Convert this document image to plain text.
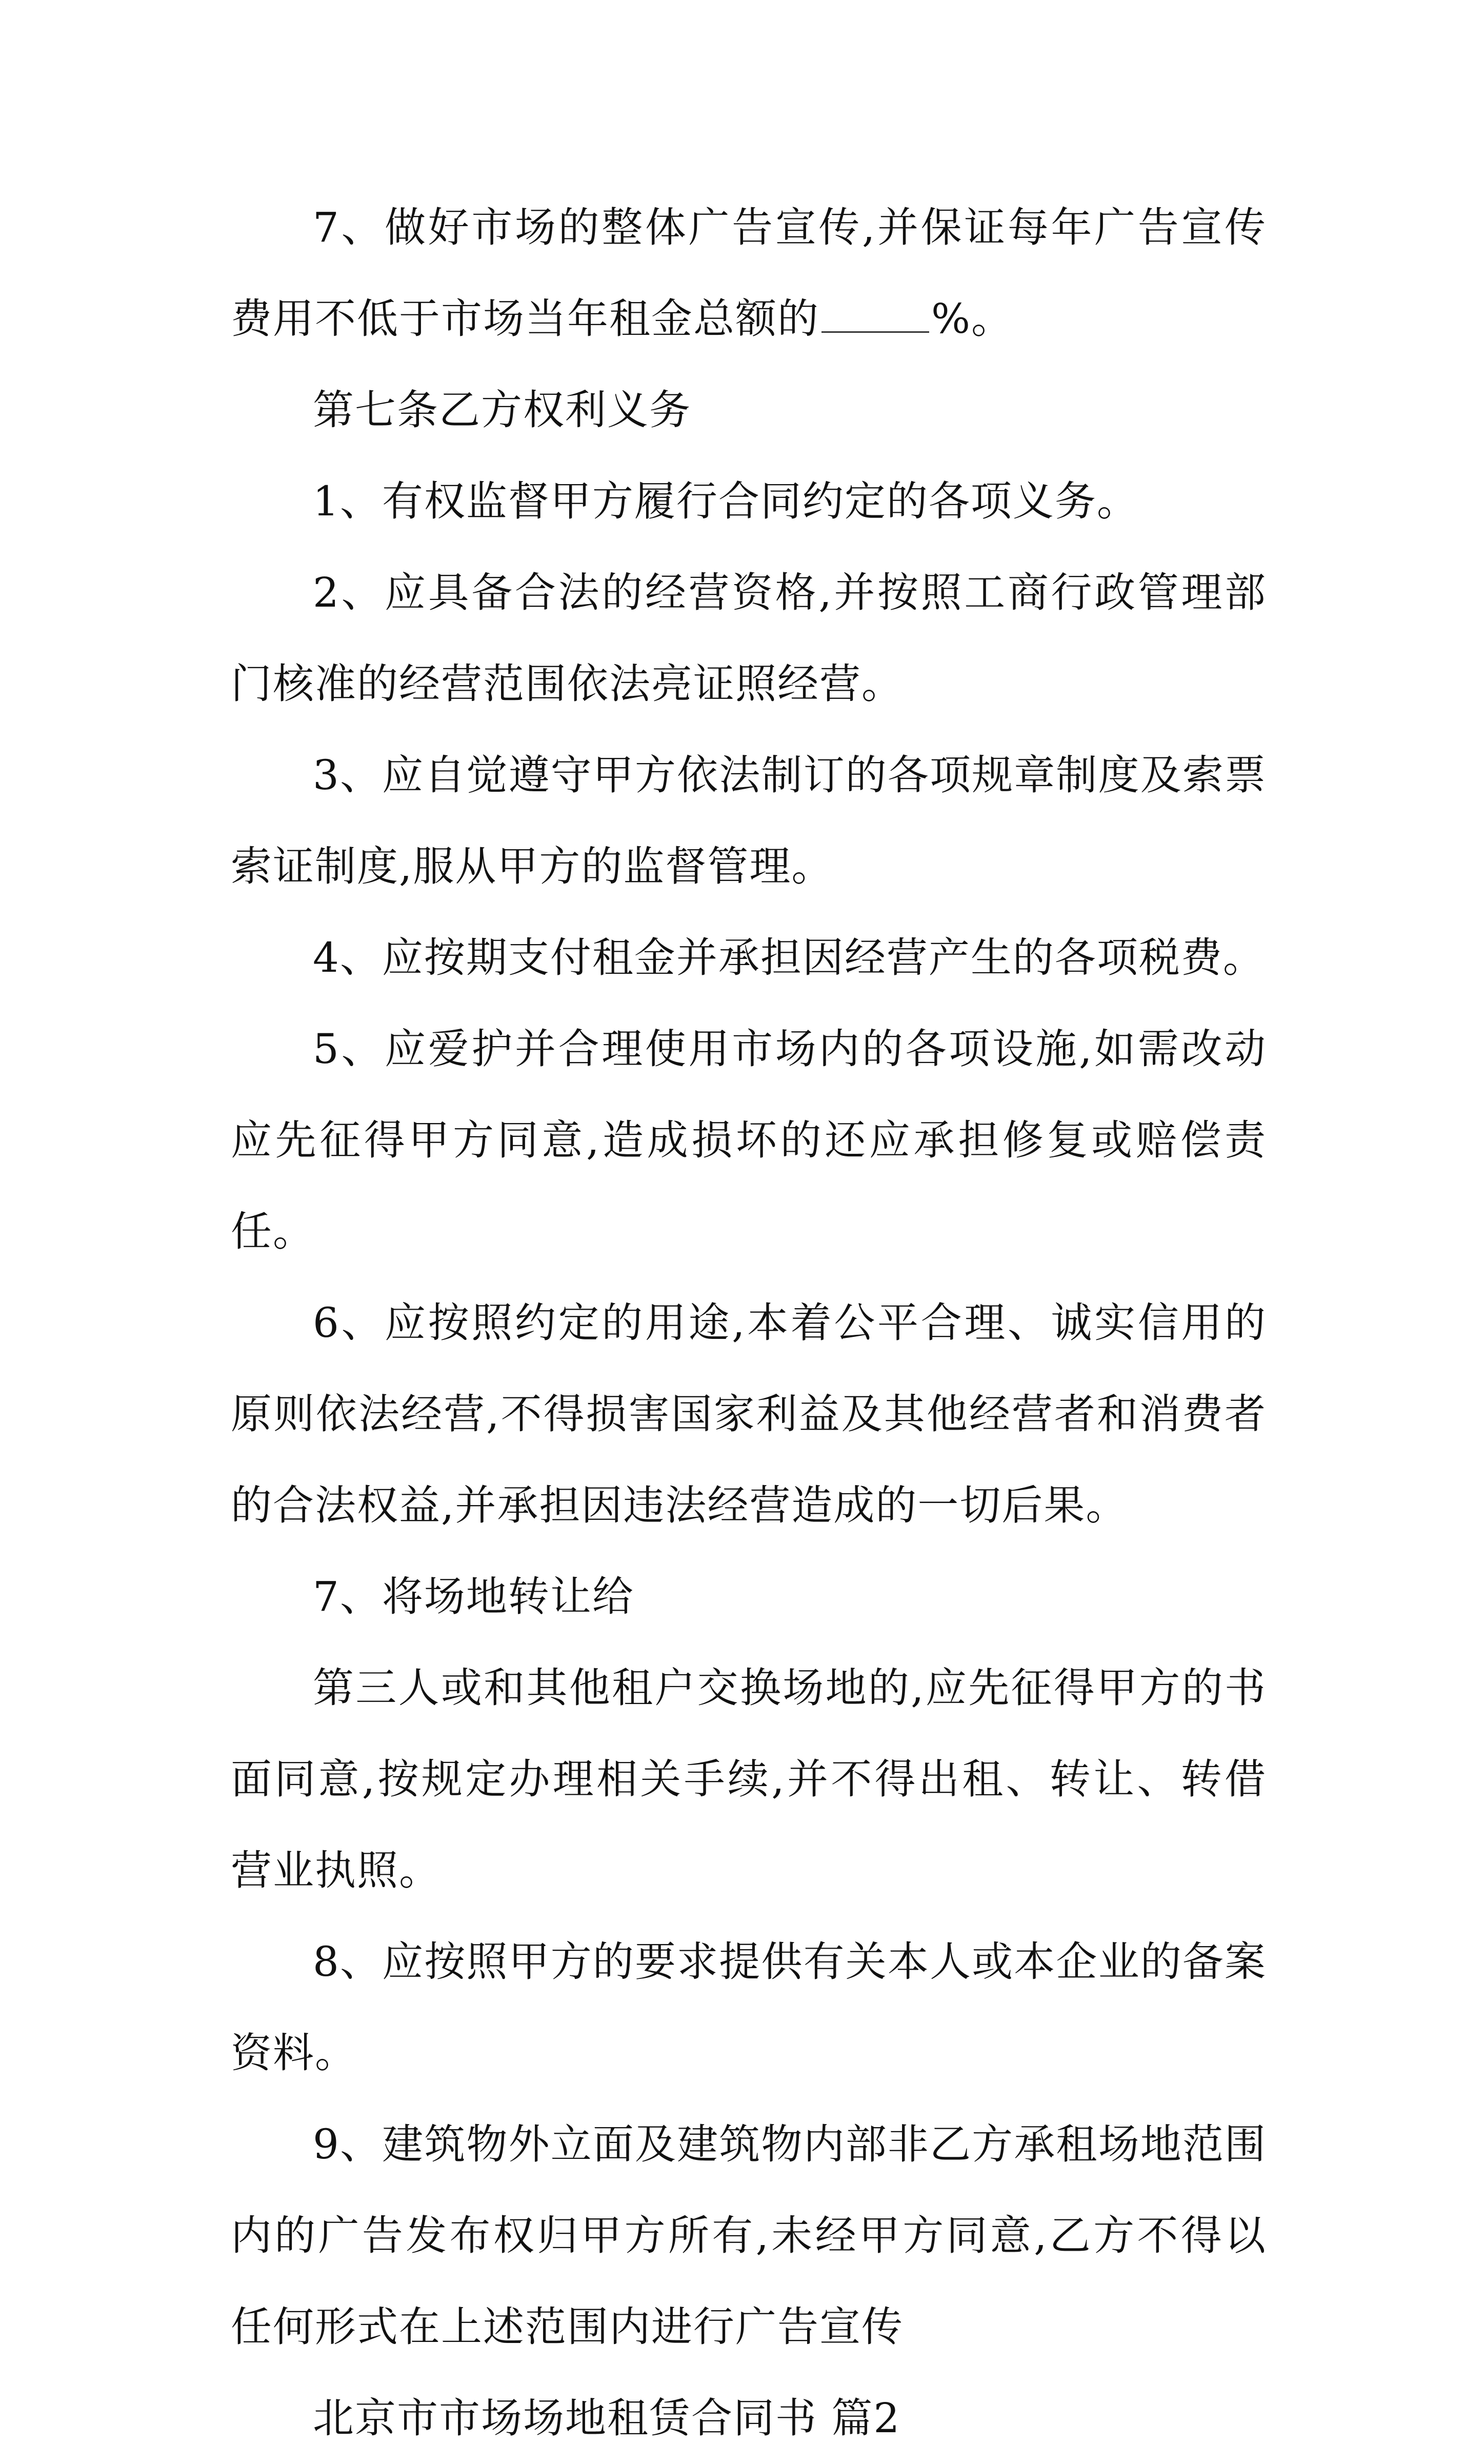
7、做好市场的整体广告宣传,并保证每年广告宣传费用不低于市场当年租金总额的	%。

第七条乙方权利义务

1、有权监督甲方履行合同约定的各项义务。

2、应具备合法的经营资格,并按照工商行政管理部门核准的经营范围依法亮证照经营。

3、应自觉遵守甲方依法制订的各项规章制度及索票索证制度,服从甲方的监督管理。

4、应按期支付租金并承担因经营产生的各项税费。

5、应爱护并合理使用市场内的各项设施,如需改动应先征得甲方同意,造成损坏的还应承担修复或赔偿责任。

6、应按照约定的用途,本着公平合理、诚实信用的原则依法经营,不得损害国家利益及其他经营者和消费者的合法权益,并承担因违法经营造成的一切后果。

7、将场地转让给

第三人或和其他租户交换场地的,应先征得甲方的书面同意,按规定办理相关手续,并不得出租、转让、转借营业执照。

8、应按照甲方的要求提供有关本人或本企业的备案资料。

9、建筑物外立面及建筑物内部非乙方承租场地范围内的广告发布权归甲方所有,未经甲方同意,乙方不得以任何形式在上述范围内进行广告宣传

北京市市场场地租赁合同书 篇2
